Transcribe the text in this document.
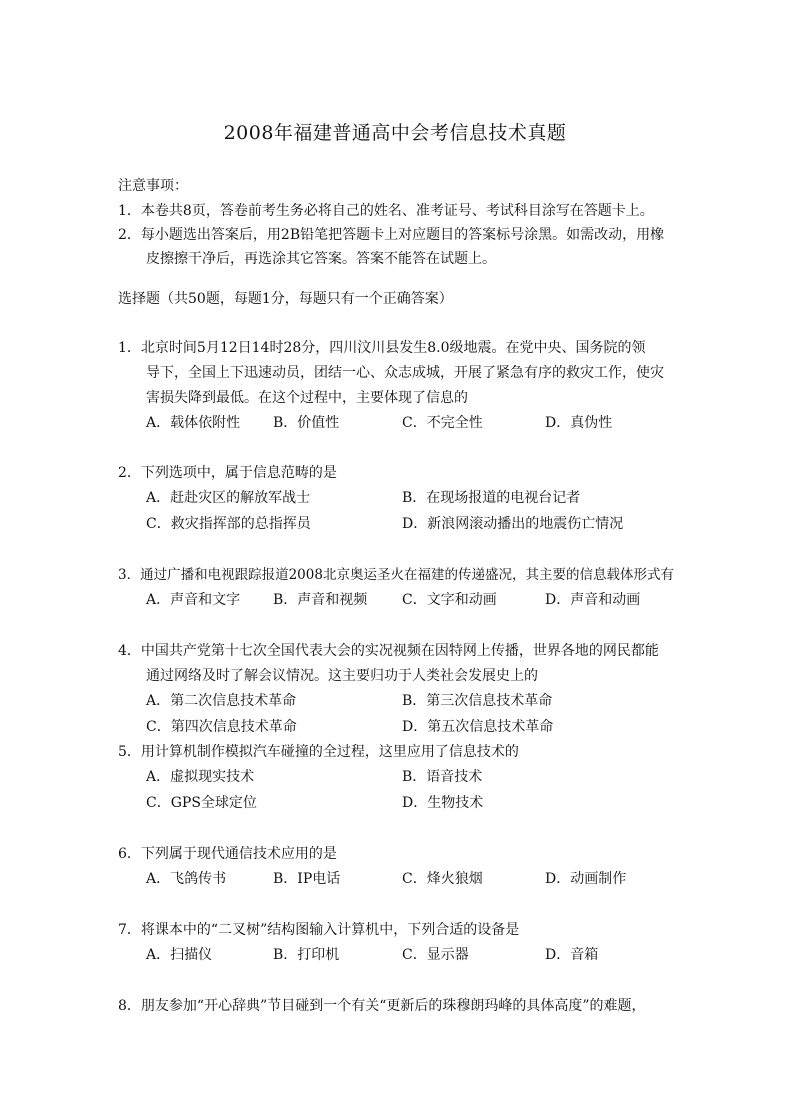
2008年福建普通高中会考信息技术真题
注意事项：
1．本卷共8页，答卷前考生务必将自己的姓名、准考证号、考试科目涂写在答题卡上。
2．每小题选出答案后，用2B铅笔把答题卡上对应题目的答案标号涂黑。如需改动，用橡
皮擦擦干净后，再选涂其它答案。答案不能答在试题上。
选择题（共50题，每题1分，每题只有一个正确答案）
1．北京时间5月12日14时28分，四川汶川县发生8.0级地震。在党中央、国务院的领
导下，全国上下迅速动员，团结一心、众志成城，开展了紧急有序的救灾工作，使灾
害损失降到最低。在这个过程中，主要体现了信息的
A．载体依附性 B．价值性	C．不完全性	D．真伪性
2．下列选项中，属于信息范畴的是
A．赶赴灾区的解放军战士	B．在现场报道的电视台记者
C．救灾指挥部的总指挥员	D．新浪网滚动播出的地震伤亡情况
3．通过广播和电视跟踪报道2008北京奥运圣火在福建的传递盛况，其主要的信息载体形式有
A．声音和文字 B．声音和视频 C．文字和动画	D．声音和动画
4．中国共产党第十七次全国代表大会的实况视频在因特网上传播，世界各地的网民都能
通过网络及时了解会议情况。这主要归功于人类社会发展史上的
A．第二次信息技术革命	B．第三次信息技术革命
C．第四次信息技术革命	D．第五次信息技术革命
5．用计算机制作模拟汽车碰撞的全过程，这里应用了信息技术的
A．虚拟现实技术	B．语音技术
C．GPS全球定位	D．生物技术
6．下列属于现代通信技术应用的是
A．飞鸽传书	B．IP电话	C．烽火狼烟	D．动画制作
7．将课本中的“二叉树”结构图输入计算机中，下列合适的设备是
A．扫描仪	B．打印机	C．显示器	D．音箱
8．朋友参加“开心辞典”节目碰到一个有关“更新后的珠穆朗玛峰的具体高度”的难题，
